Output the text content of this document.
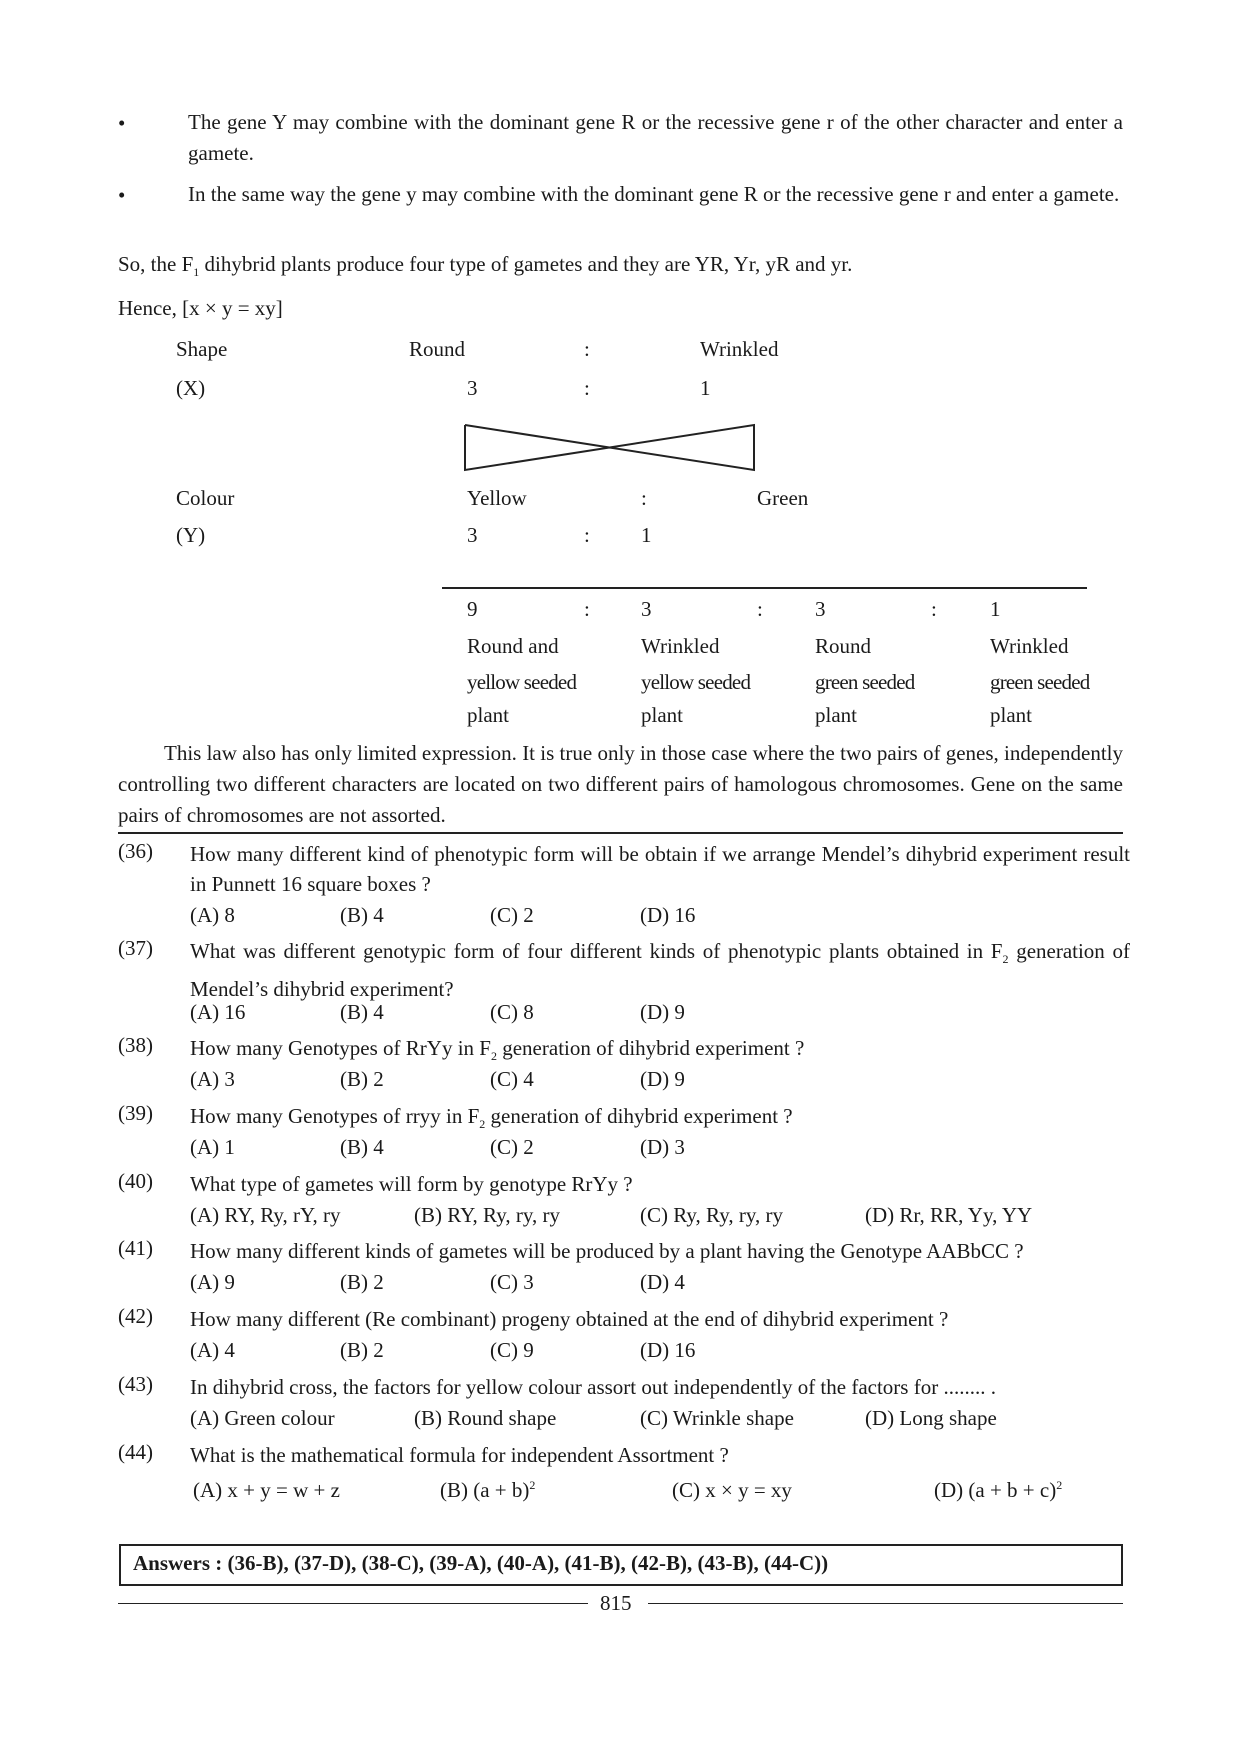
•	The gene Y may combine with the dominant gene R or the recessive gene r of the other character and enter a gamete.
•	In the same way the gene y may combine with the dominant gene R or the recessive gene r and enter a gamete.
So, the $F_1$ dihybrid plants produce four type of gametes and they are YR, Yr, yR and yr.
Hence, [x × y = xy]
Shape	Round	:	Wrinkled
(X)	3	:	1
Colour	Yellow	:	Green
(Y)	3	: 1
9	: 3	: 3	:	1
Round and	Wrinkled	Round	Wrinkled
yellow seeded	yellow seeded	green seeded	green seeded
plant	plant	plant	plant
This law also has only limited expression. It is true only in those case where the two pairs of genes, independently controlling two different characters are located on two different pairs of hamologous chromosomes. Gene on the same pairs of chromosomes are not assorted.
(36) How many different kind of phenotypic form will be obtain if we arrange Mendel’s dihybrid experiment result in Punnett 16 square boxes ?
(A) 8	(B) 4	(C) 2	(D) 16
(37) What was different genotypic form of four different kinds of phenotypic plants obtained in $F_2$ generation of Mendel’s dihybrid experiment?
(A) 16	(B) 4	(C) 8	(D) 9
(38) How many Genotypes of RrYy in $F_2$ generation of dihybrid experiment ?
(A) 3	(B) 2	(C) 4	(D) 9
(39) How many Genotypes of rryy in $F_2$ generation of dihybrid experiment ?
(A) 1	(B) 4	(C) 2	(D) 3
(40) What type of gametes will form by genotype RrYy ?
(A) RY, Ry, rY, ry	(B) RY, Ry, ry, ry	(C) Ry, Ry, ry, ry	(D) Rr, RR, Yy, YY
(41) How many different kinds of gametes will be produced by a plant having the Genotype AABbCC ?
(A) 9	(B) 2	(C) 3	(D) 4
(42) How many different (Re combinant) progeny obtained at the end of dihybrid experiment ?
(A) 4	(B) 2	(C) 9	(D) 16
(43) In dihybrid cross, the factors for yellow colour assort out independently of the factors for ........ .
(A) Green colour	(B) Round shape	(C) Wrinkle shape	(D) Long shape
(44) What is the mathematical formula for independent Assortment ?
(A) x + y = w + z	(B) $(a + b)^2$	(C) x × y = xy	(D) $(a + b + c)^2$
Answers : (36-B), (37-D), (38-C), (39-A), (40-A), (41-B), (42-B), (43-B), (44-C))
815
